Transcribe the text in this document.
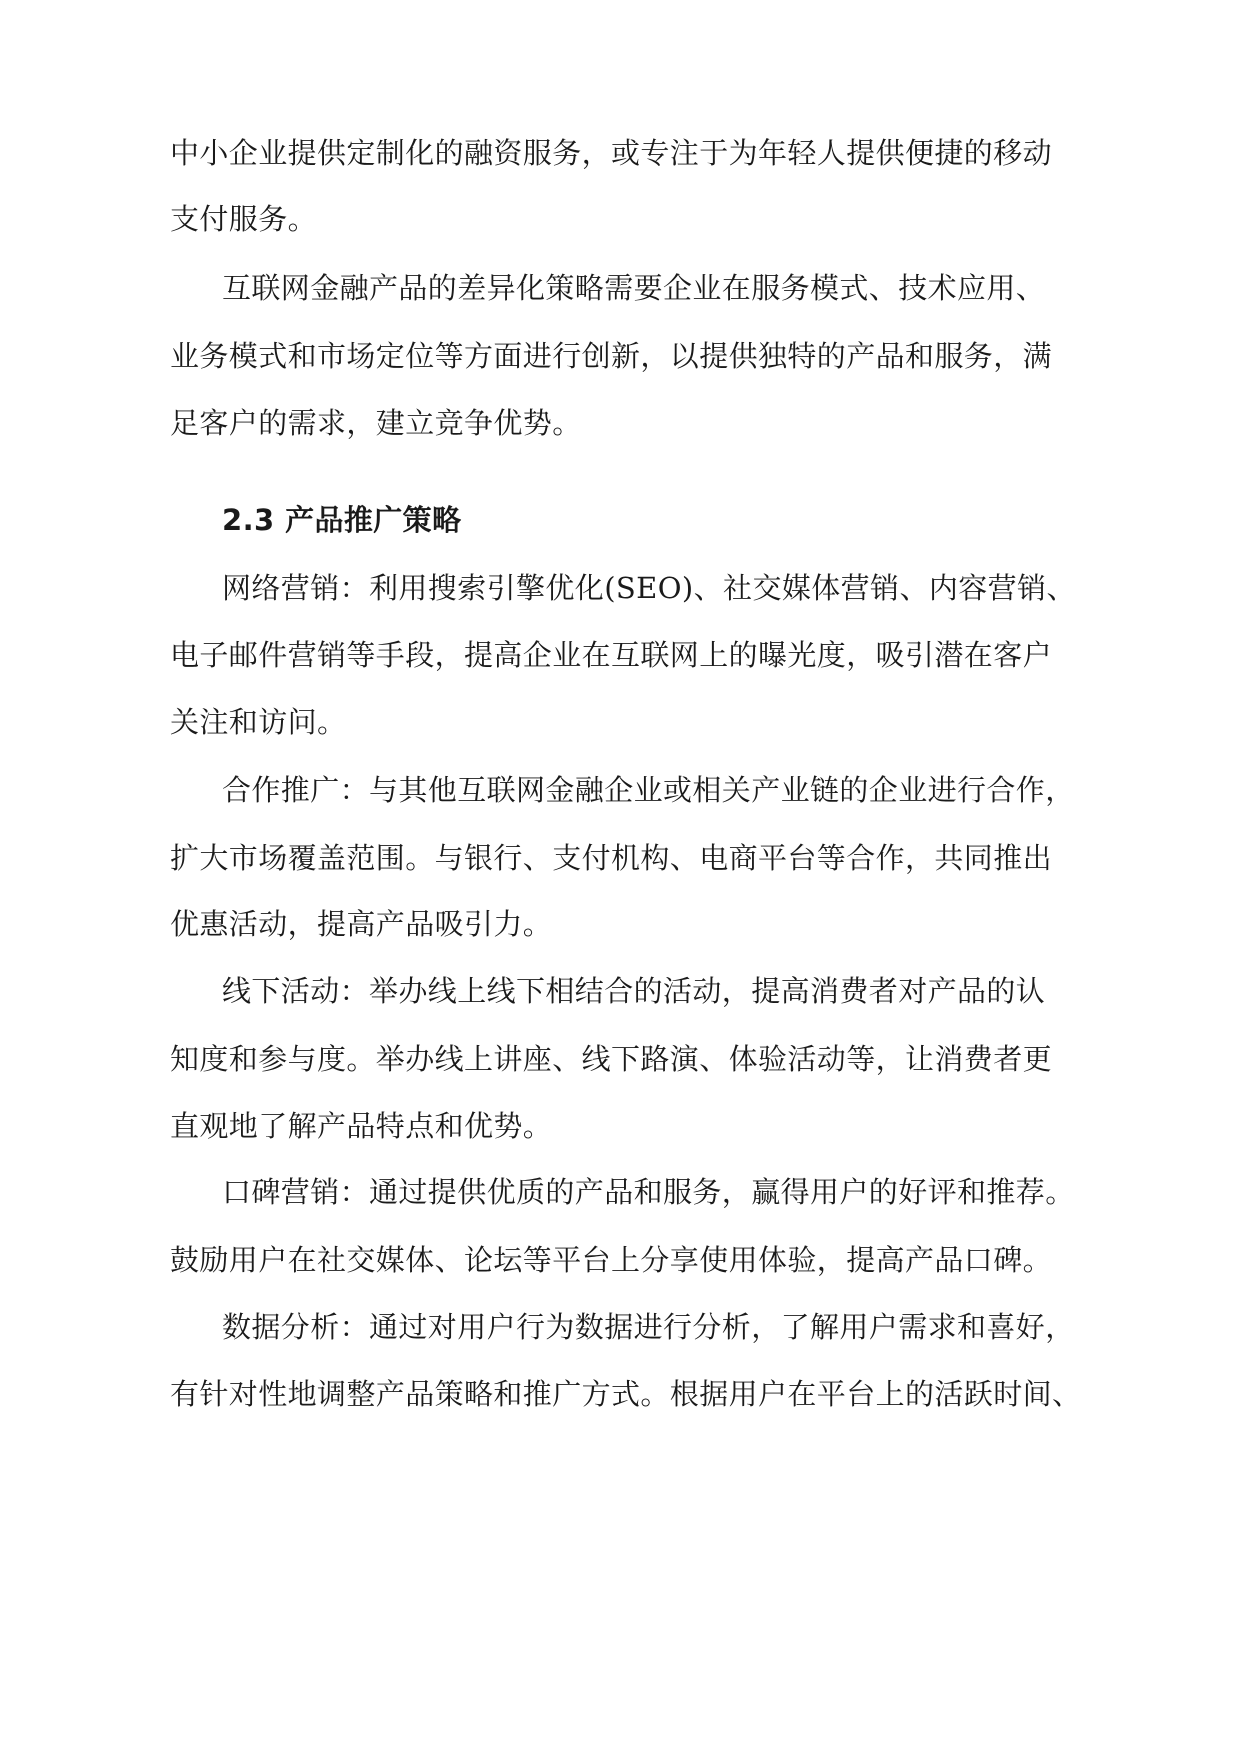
中小企业提供定制化的融资服务，或专注于为年轻人提供便捷的移动
支付服务。
互联网金融产品的差异化策略需要企业在服务模式、技术应用、
业务模式和市场定位等方面进行创新，以提供独特的产品和服务，满
足客户的需求，建立竞争优势。
2.3 产品推广策略
网络营销：利用搜索引擎优化(SEO)、社交媒体营销、内容营销、
电子邮件营销等手段，提高企业在互联网上的曝光度，吸引潜在客户
关注和访问。
合作推广：与其他互联网金融企业或相关产业链的企业进行合作，
扩大市场覆盖范围。与银行、支付机构、电商平台等合作，共同推出
优惠活动，提高产品吸引力。
线下活动：举办线上线下相结合的活动，提高消费者对产品的认
知度和参与度。举办线上讲座、线下路演、体验活动等，让消费者更
直观地了解产品特点和优势。
口碑营销：通过提供优质的产品和服务，赢得用户的好评和推荐。
鼓励用户在社交媒体、论坛等平台上分享使用体验，提高产品口碑。
数据分析：通过对用户行为数据进行分析，了解用户需求和喜好，
有针对性地调整产品策略和推广方式。根据用户在平台上的活跃时间、
